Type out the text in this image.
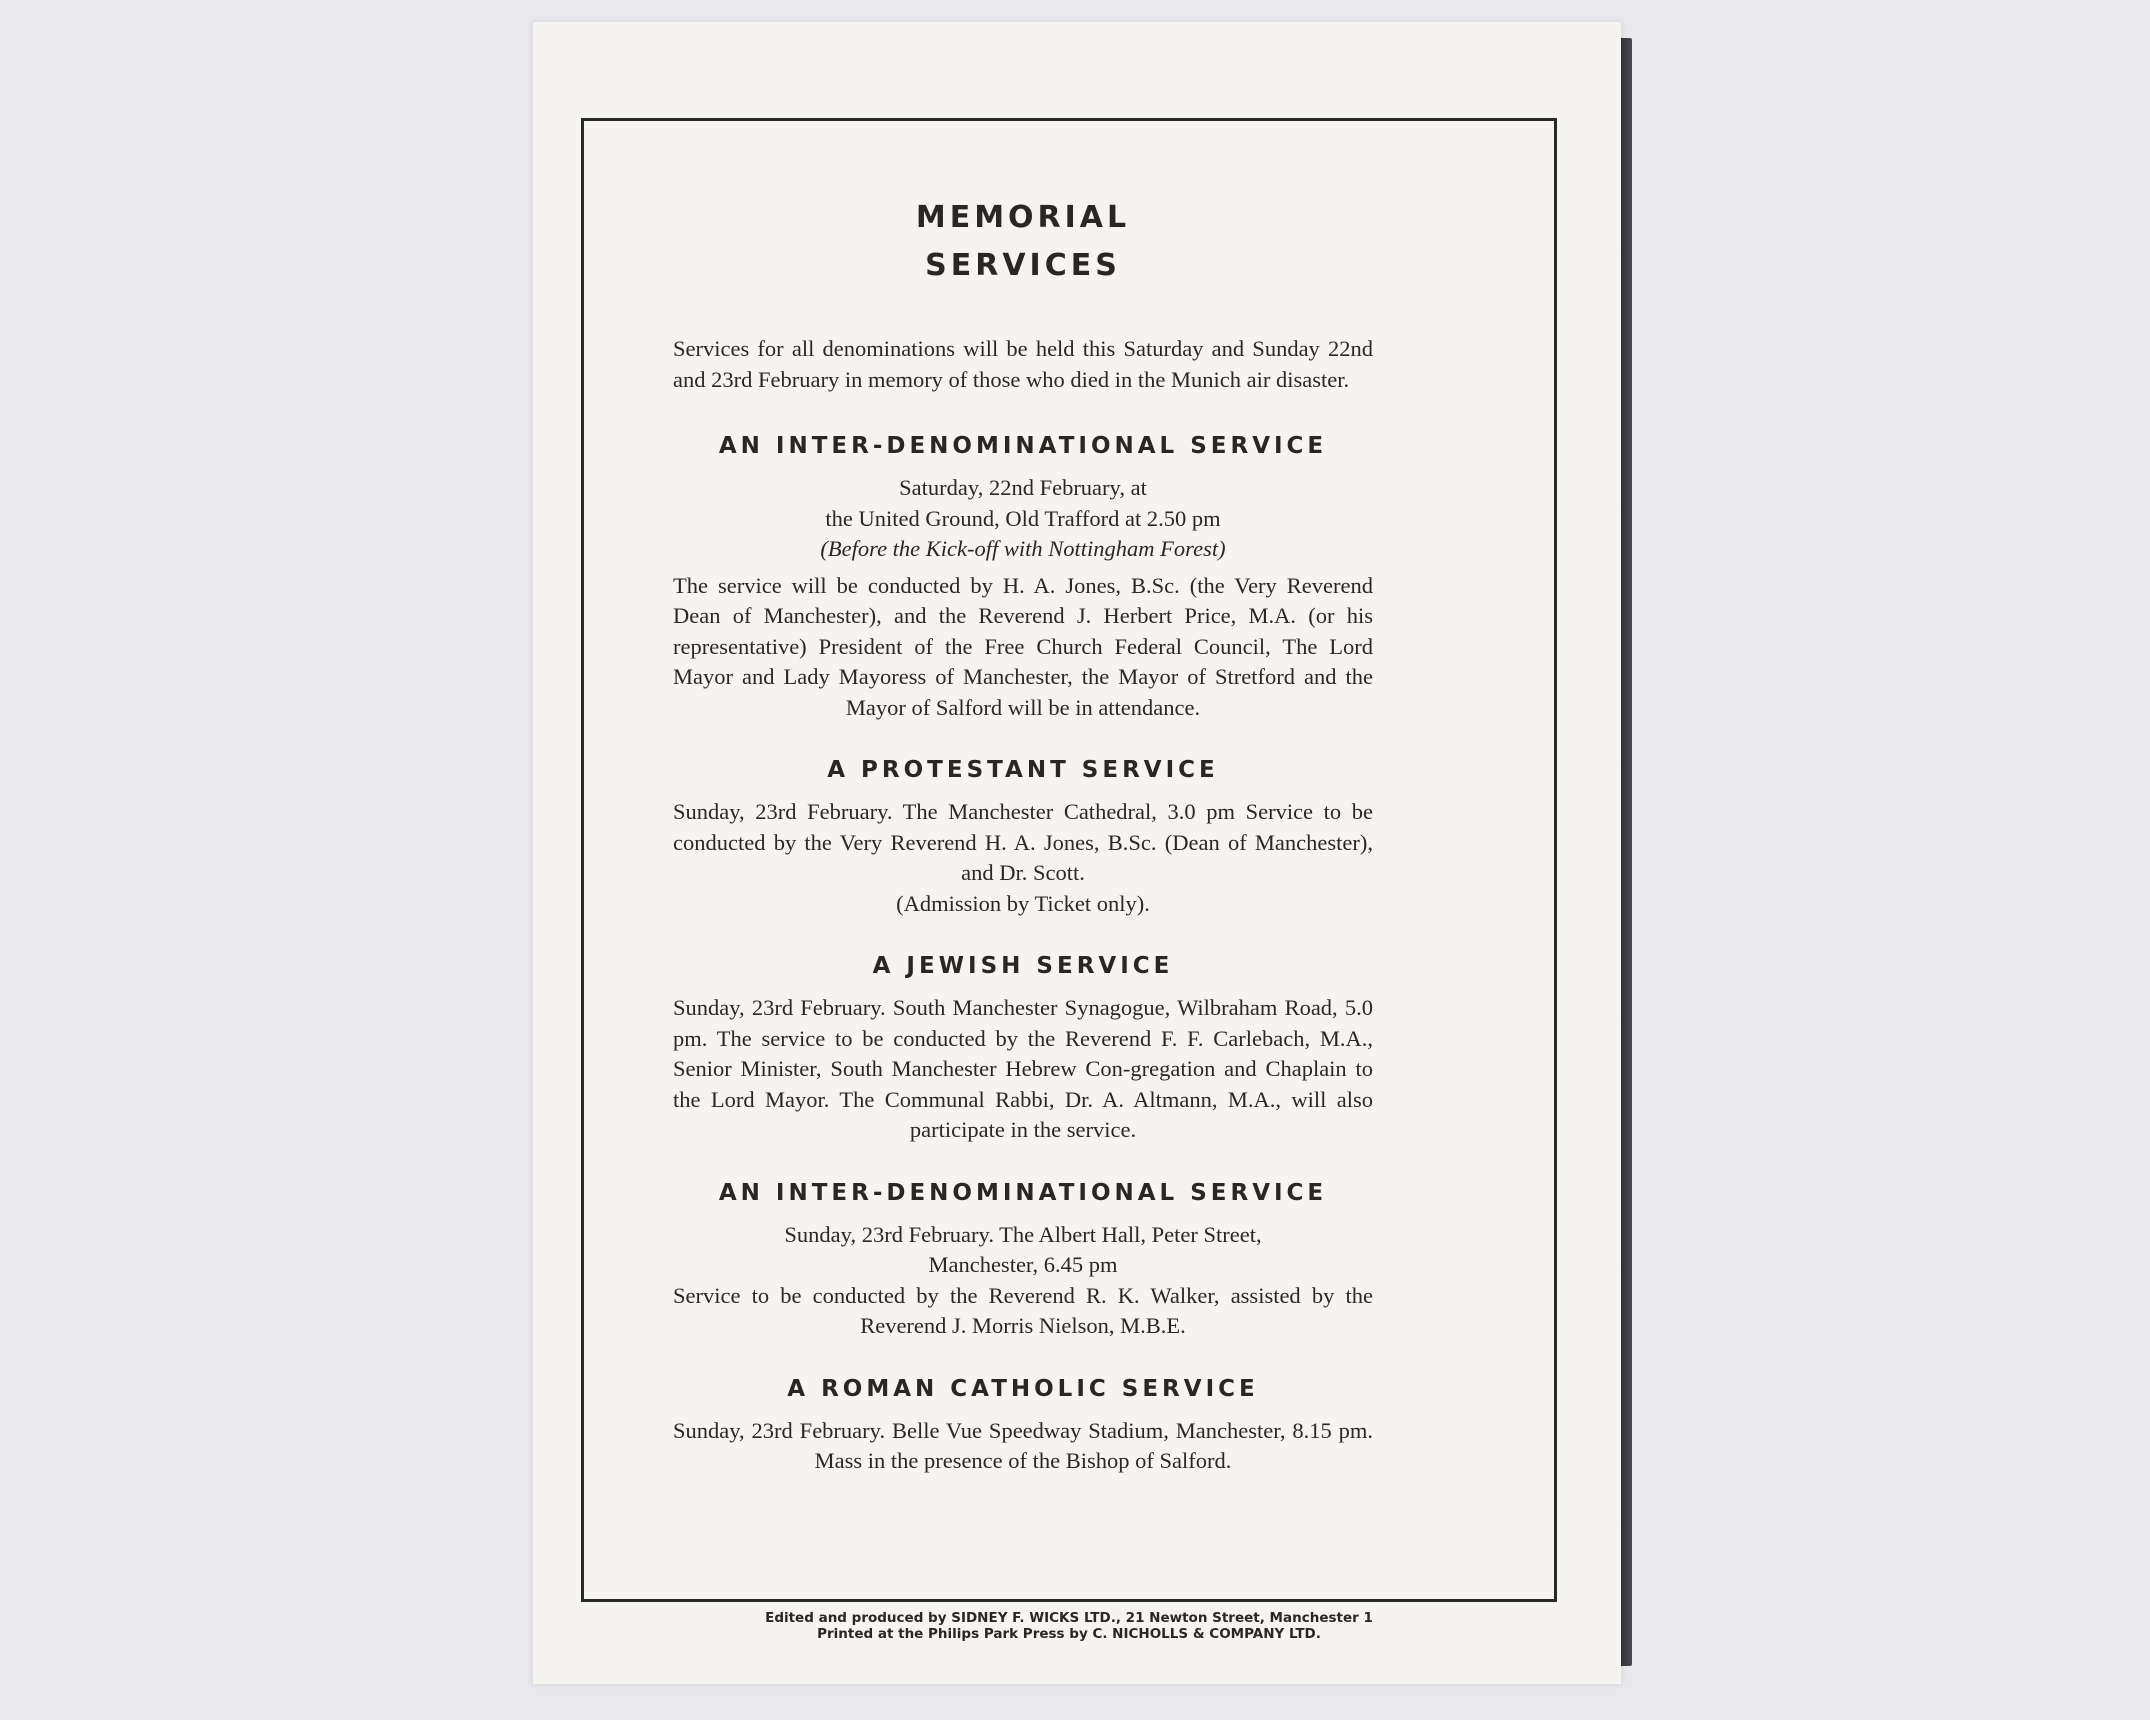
MEMORIAL
SERVICES

Services for all denominations will be held this Saturday and Sunday 22nd and 23rd February in memory of those who died in the Munich air disaster.

AN INTER-DENOMINATIONAL SERVICE

Saturday, 22nd February, at

the United Ground, Old Trafford at 2.50 pm

(Before the Kick-off with Nottingham Forest)

The service will be conducted by H. A. Jones, B.Sc. (the Very Reverend Dean of Manchester), and the Reverend J. Herbert Price, M.A. (or his representative) President of the Free Church Federal Council, The Lord Mayor and Lady Mayoress of Manchester, the Mayor of Stretford and the Mayor of Salford will be in attendance.

A PROTESTANT SERVICE

Sunday, 23rd February. The Manchester Cathedral, 3.0 pm Service to be conducted by the Very Reverend H. A. Jones, B.Sc. (Dean of Manchester), and Dr. Scott.

(Admission by Ticket only).

A JEWISH SERVICE

Sunday, 23rd February. South Manchester Synagogue, Wilbraham Road, 5.0 pm. The service to be conducted by the Reverend F. F. Carlebach, M.A., Senior Minister, South Manchester Hebrew Con-gregation and Chaplain to the Lord Mayor. The Communal Rabbi, Dr. A. Altmann, M.A., will also participate in the service.

AN INTER-DENOMINATIONAL SERVICE

Sunday, 23rd February. The Albert Hall, Peter Street,

Manchester, 6.45 pm

Service to be conducted by the Reverend R. K. Walker, assisted by the Reverend J. Morris Nielson, M.B.E.

A ROMAN CATHOLIC SERVICE

Sunday, 23rd February. Belle Vue Speedway Stadium, Manchester, 8.15 pm. Mass in the presence of the Bishop of Salford.

Edited and produced by SIDNEY F. WICKS LTD., 21 Newton Street, Manchester 1
Printed at the Philips Park Press by C. NICHOLLS & COMPANY LTD.
